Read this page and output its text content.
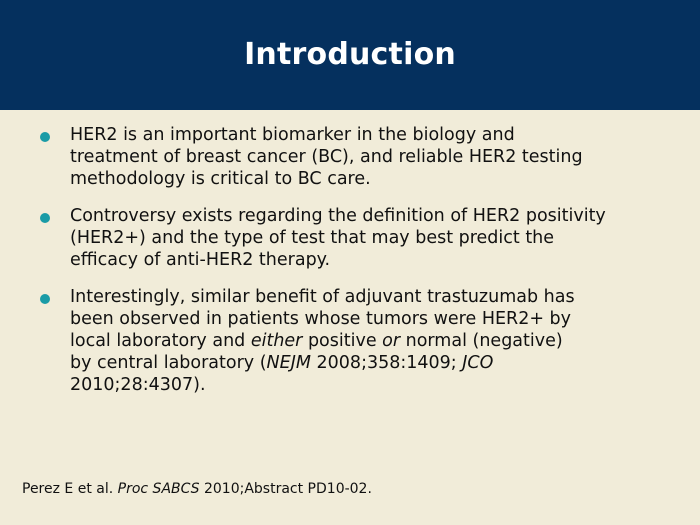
Introduction
HER2 is an important biomarker in the biology and
treatment of breast cancer (BC), and reliable HER2 testing
methodology is critical to BC care.
Controversy exists regarding the definition of HER2 positivity
(HER2+) and the type of test that may best predict the
efficacy of anti-HER2 therapy.
Interestingly, similar benefit of adjuvant trastuzumab has
been observed in patients whose tumors were HER2+ by
local laboratory and either positive or normal (negative)
by central laboratory (NEJM 2008;358:1409; JCO
2010;28:4307).
Perez E et al. Proc SABCS 2010;Abstract PD10-02.
